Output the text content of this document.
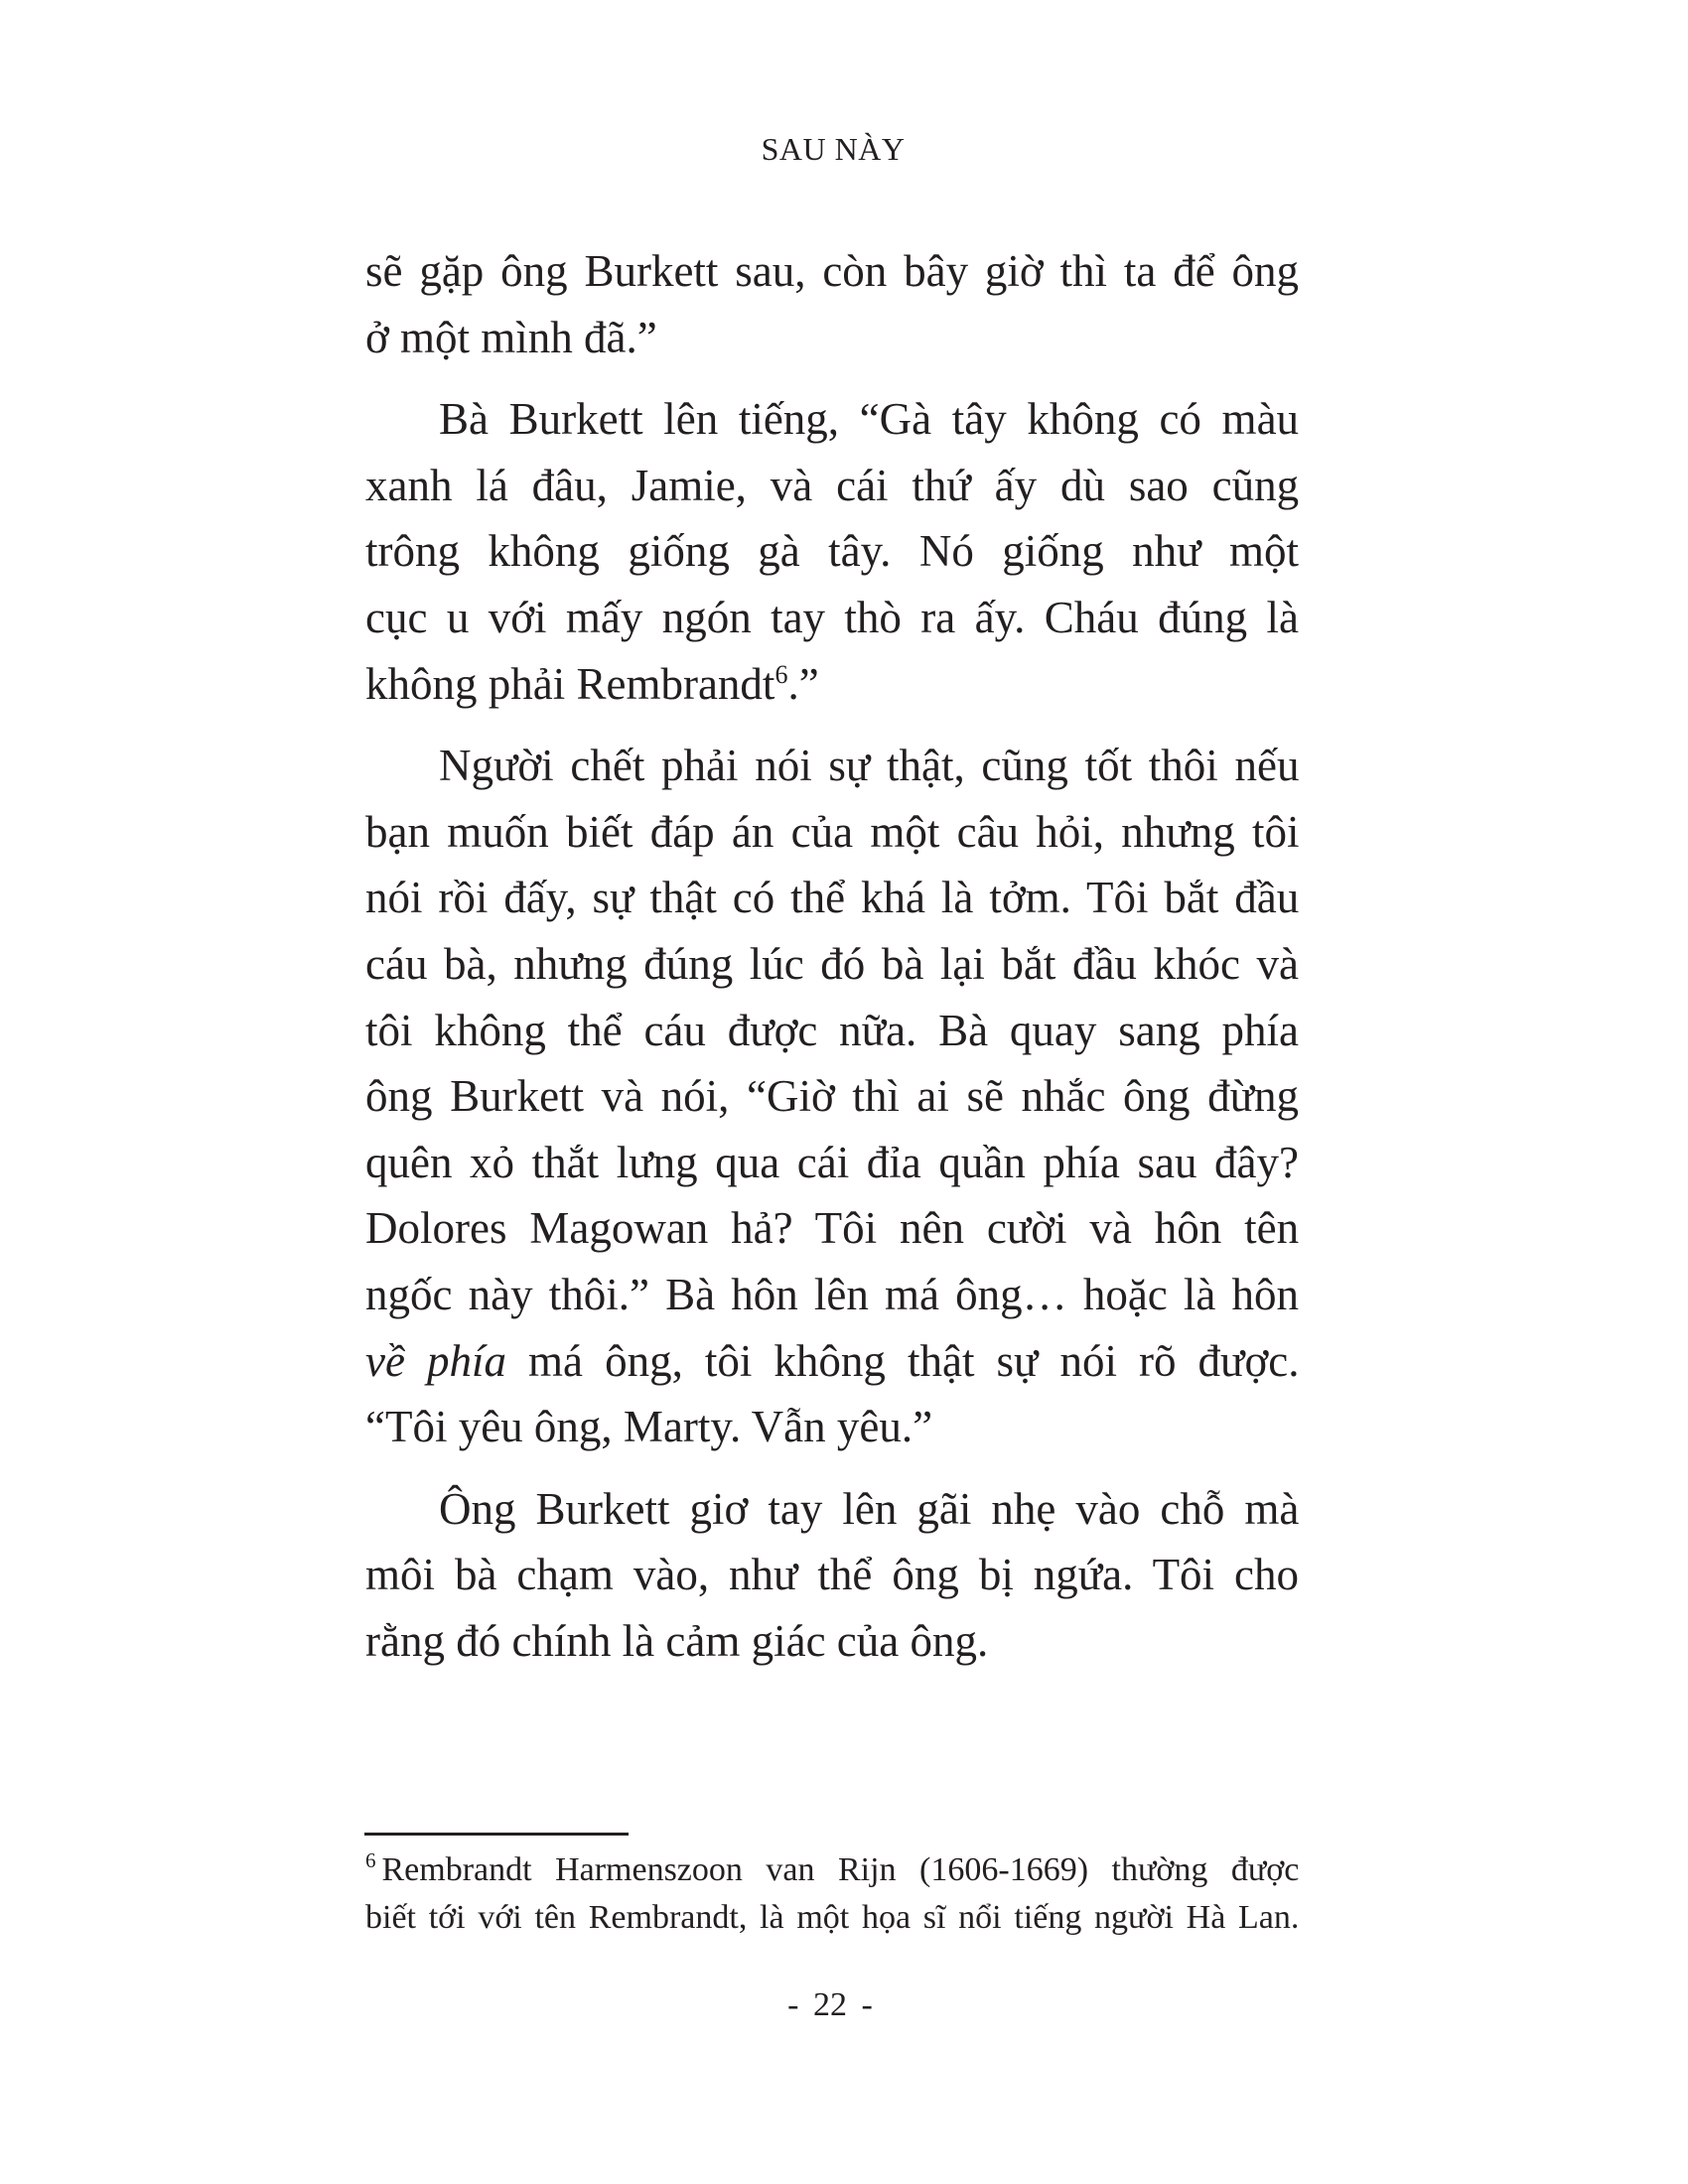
SAU NÀY

sẽ gặp ông Burkett sau, còn bây giờ thì ta để ông
ở một mình đã.”

Bà Burkett lên tiếng, “Gà tây không có màu
xanh lá đâu, Jamie, và cái thứ ấy dù sao cũng
trông không giống gà tây. Nó giống như một
cục u với mấy ngón tay thò ra ấy. Cháu đúng là
không phải Rembrandt$^6$.”

Người chết phải nói sự thật, cũng tốt thôi nếu
bạn muốn biết đáp án của một câu hỏi, nhưng tôi
nói rồi đấy, sự thật có thể khá là tởm. Tôi bắt đầu
cáu bà, nhưng đúng lúc đó bà lại bắt đầu khóc và
tôi không thể cáu được nữa. Bà quay sang phía
ông Burkett và nói, “Giờ thì ai sẽ nhắc ông đừng
quên xỏ thắt lưng qua cái đỉa quần phía sau đây?
Dolores Magowan hả? Tôi nên cười và hôn tên
ngốc này thôi.” Bà hôn lên má ông… hoặc là hôn
về phía má ông, tôi không thật sự nói rõ được.
“Tôi yêu ông, Marty. Vẫn yêu.”

Ông Burkett giơ tay lên gãi nhẹ vào chỗ mà
môi bà chạm vào, như thể ông bị ngứa. Tôi cho
rằng đó chính là cảm giác của ông.

$^6$ Rembrandt Harmenszoon van Rijn (1606-1669) thường được
biết tới với tên Rembrandt, là một họa sĩ nổi tiếng người Hà Lan.
- 22 -
